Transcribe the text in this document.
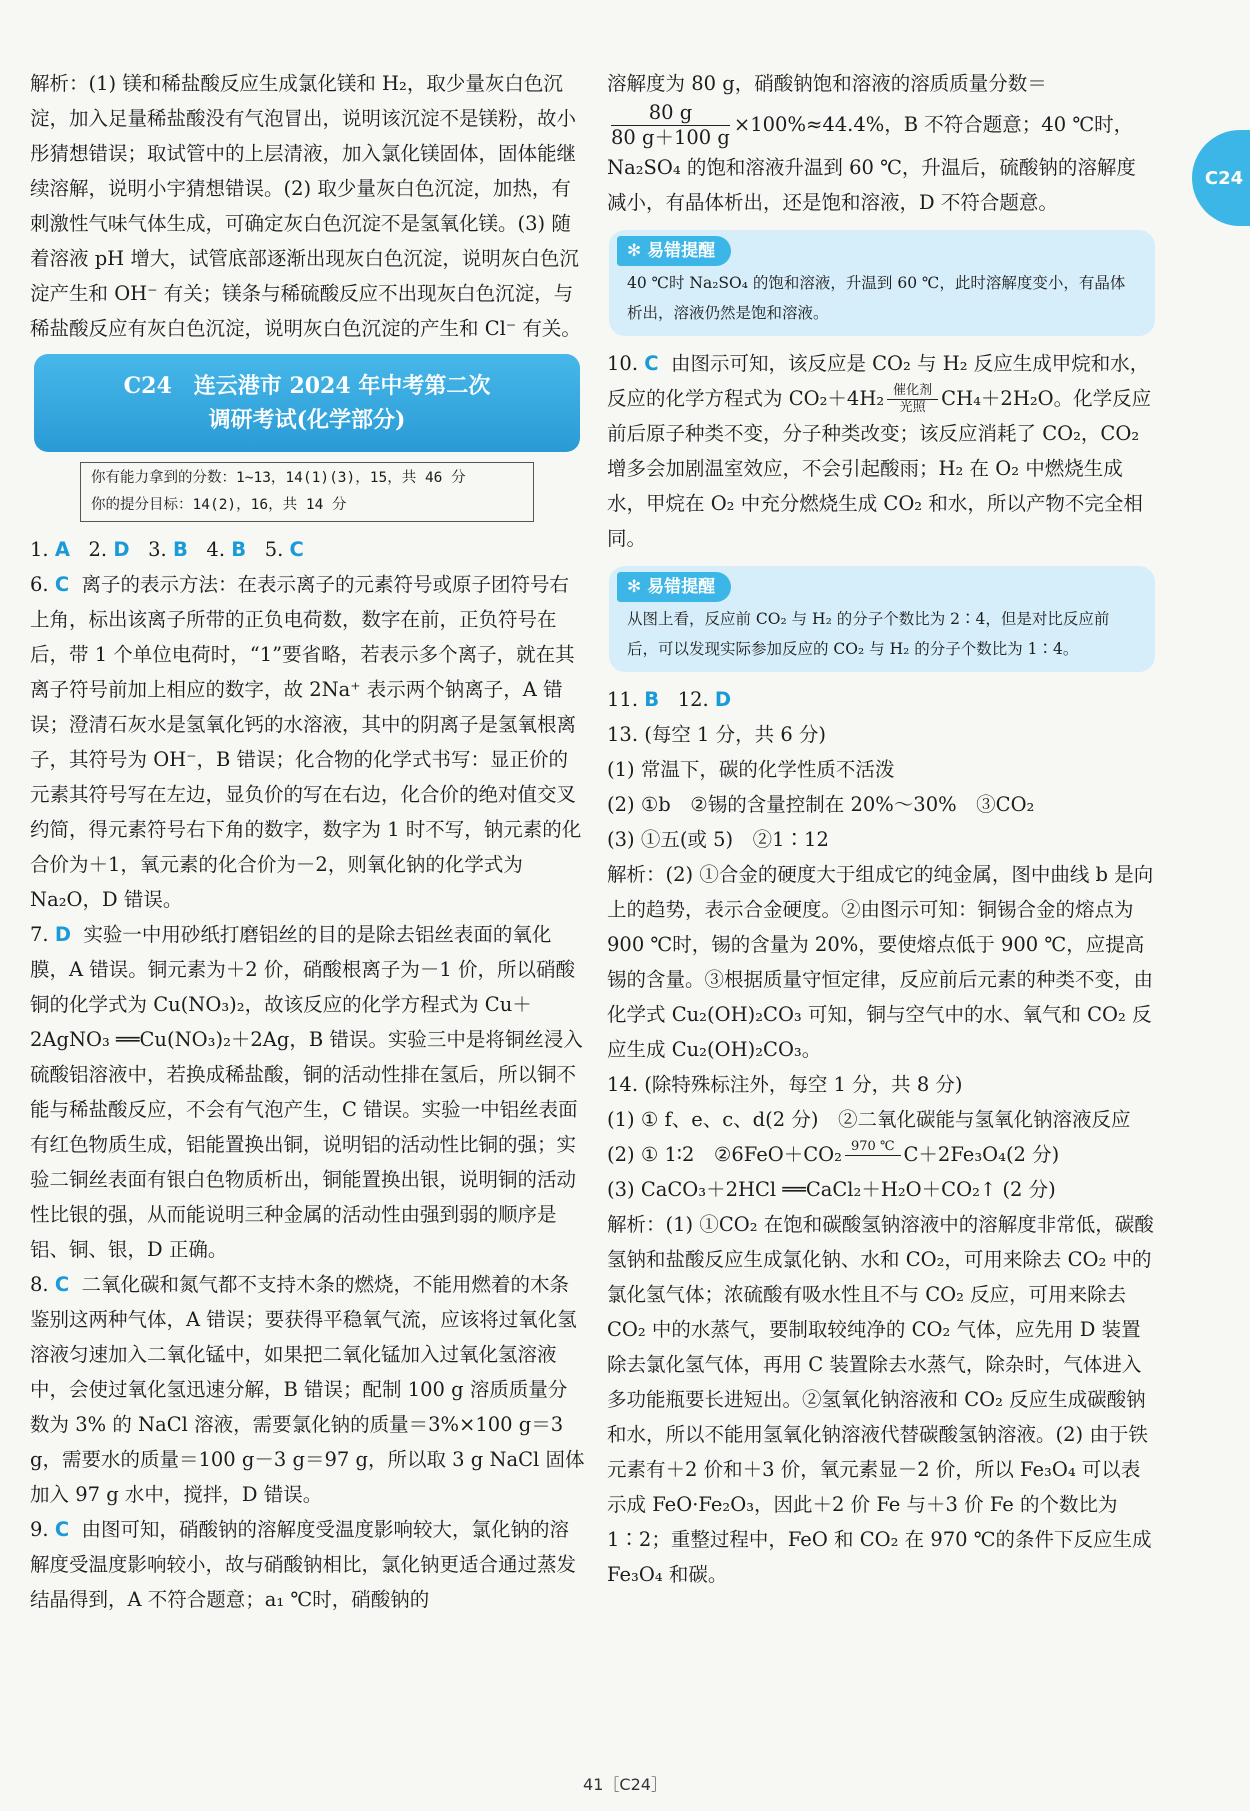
C24

解析：(1) 镁和稀盐酸反应生成氯化镁和 H₂，取少量灰白色沉淀，加入足量稀盐酸没有气泡冒出，说明该沉淀不是镁粉，故小彤猜想错误；取试管中的上层清液，加入氯化镁固体，固体能继续溶解，说明小宇猜想错误。(2) 取少量灰白色沉淀，加热，有刺激性气味气体生成，可确定灰白色沉淀不是氢氧化镁。(3) 随着溶液 pH 增大，试管底部逐渐出现灰白色沉淀，说明灰白色沉淀产生和 OH⁻ 有关；镁条与稀硫酸反应不出现灰白色沉淀，与稀盐酸反应有灰白色沉淀，说明灰白色沉淀的产生和 Cl⁻ 有关。

C24　连云港市 2024 年中考第二次
调研考试(化学部分)
你有能力拿到的分数：1~13，14(1)(3)，15，共 46 分
你的提分目标：14(2)，16，共 14 分

1. A 2. D 3. B 4. B 5. C

6. C 离子的表示方法：在表示离子的元素符号或原子团符号右上角，标出该离子所带的正负电荷数，数字在前，正负符号在后，带 1 个单位电荷时，“1”要省略，若表示多个离子，就在其离子符号前加上相应的数字，故 2Na⁺ 表示两个钠离子，A 错误；澄清石灰水是氢氧化钙的水溶液，其中的阴离子是氢氧根离子，其符号为 OH⁻，B 错误；化合物的化学式书写：显正价的元素其符号写在左边，显负价的写在右边，化合价的绝对值交叉约简，得元素符号右下角的数字，数字为 1 时不写，钠元素的化合价为＋1，氧元素的化合价为－2，则氧化钠的化学式为 Na₂O，D 错误。

7. D 实验一中用砂纸打磨铝丝的目的是除去铝丝表面的氧化膜，A 错误。铜元素为＋2 价，硝酸根离子为－1 价，所以硝酸铜的化学式为 Cu(NO₃)₂，故该反应的化学方程式为 Cu＋2AgNO₃ ══Cu(NO₃)₂＋2Ag，B 错误。实验三中是将铜丝浸入硫酸铝溶液中，若换成稀盐酸，铜的活动性排在氢后，所以铜不能与稀盐酸反应，不会有气泡产生，C 错误。实验一中铝丝表面有红色物质生成，铝能置换出铜，说明铝的活动性比铜的强；实验二铜丝表面有银白色物质析出，铜能置换出银，说明铜的活动性比银的强，从而能说明三种金属的活动性由强到弱的顺序是铝、铜、银，D 正确。

8. C 二氧化碳和氮气都不支持木条的燃烧，不能用燃着的木条鉴别这两种气体，A 错误；要获得平稳氧气流，应该将过氧化氢溶液匀速加入二氧化锰中，如果把二氧化锰加入过氧化氢溶液中，会使过氧化氢迅速分解，B 错误；配制 100 g 溶质质量分数为 3% 的 NaCl 溶液，需要氯化钠的质量＝3%×100 g＝3 g，需要水的质量＝100 g－3 g＝97 g，所以取 3 g NaCl 固体加入 97 g 水中，搅拌，D 错误。

9. C 由图可知，硝酸钠的溶解度受温度影响较大，氯化钠的溶解度受温度影响较小，故与硝酸钠相比，氯化钠更适合通过蒸发结晶得到，A 不符合题意；a₁ ℃时，硝酸钠的

溶解度为 80 g，硝酸钠饱和溶液的溶质质量分数＝

$\frac{80 g}{80 g+100 g} \times 100\%\approx 44.4\%$，B 不符合题意；40 ℃时，Na₂SO₄ 的饱和溶液升温到 60 ℃，升温后，硫酸钠的溶解度减小，有晶体析出，还是饱和溶液，D 不符合题意。

✻ 易错提醒
40 ℃时 Na₂SO₄ 的饱和溶液，升温到 60 ℃，此时溶解度变小，有晶体析出，溶液仍然是饱和溶液。

10. C 由图示可知，该反应是 CO₂ 与 H₂ 反应生成甲烷和水，反应的化学方程式为 CO₂＋4H₂ 催化剂
光照 CH₄＋2H₂O。化学反应前后原子种类不变，分子种类改变；该反应消耗了 CO₂，CO₂ 增多会加剧温室效应，不会引起酸雨；H₂ 在 O₂ 中燃烧生成水，甲烷在 O₂ 中充分燃烧生成 CO₂ 和水，所以产物不完全相同。

✻ 易错提醒
从图上看，反应前 CO₂ 与 H₂ 的分子个数比为 2∶4，但是对比反应前后，可以发现实际参加反应的 CO₂ 与 H₂ 的分子个数比为 1∶4。

11. B 12. D

13. (每空 1 分，共 6 分)

(1) 常温下，碳的化学性质不活泼

(2) ①b　②锡的含量控制在 20%～30%　③CO₂

(3) ①五(或 5)　②1∶12

解析：(2) ①合金的硬度大于组成它的纯金属，图中曲线 b 是向上的趋势，表示合金硬度。②由图示可知：铜锡合金的熔点为 900 ℃时，锡的含量为 20%，要使熔点低于 900 ℃，应提高锡的含量。③根据质量守恒定律，反应前后元素的种类不变，由化学式 Cu₂(OH)₂CO₃ 可知，铜与空气中的水、氧气和 CO₂ 反应生成 Cu₂(OH)₂CO₃。

14. (除特殊标注外，每空 1 分，共 8 分)

(1) ① f、e、c、d(2 分)　②二氧化碳能与氢氧化钠溶液反应

(2) ① 1∶2　②6FeO＋CO₂ 970 ℃
C＋2Fe₃O₄(2 分)

(3) CaCO₃＋2HCl ══CaCl₂＋H₂O＋CO₂↑ (2 分)

解析：(1) ①CO₂ 在饱和碳酸氢钠溶液中的溶解度非常低，碳酸氢钠和盐酸反应生成氯化钠、水和 CO₂，可用来除去 CO₂ 中的氯化氢气体；浓硫酸有吸水性且不与 CO₂ 反应，可用来除去 CO₂ 中的水蒸气，要制取较纯净的 CO₂ 气体，应先用 D 装置除去氯化氢气体，再用 C 装置除去水蒸气，除杂时，气体进入多功能瓶要长进短出。②氢氧化钠溶液和 CO₂ 反应生成碳酸钠和水，所以不能用氢氧化钠溶液代替碳酸氢钠溶液。(2) 由于铁元素有＋2 价和＋3 价，氧元素显－2 价，所以 Fe₃O₄ 可以表示成 FeO·Fe₂O₃，因此＋2 价 Fe 与＋3 价 Fe 的个数比为 1∶2；重整过程中，FeO 和 CO₂ 在 970 ℃的条件下反应生成 Fe₃O₄ 和碳。

41［C24］
